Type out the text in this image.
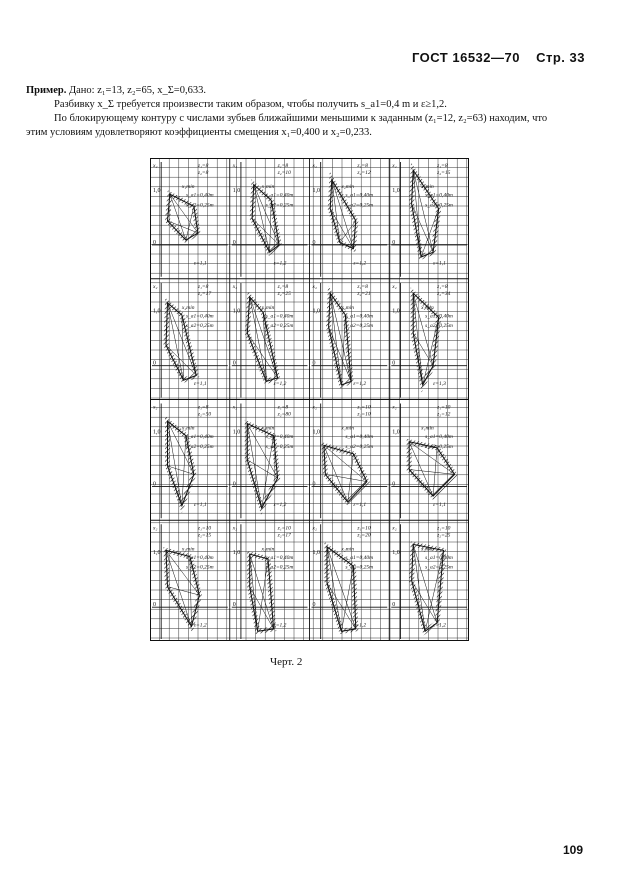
ГОСТ 16532—70 Стр. 33
Пример. Дано: z₁=13, z₂=65, x_Σ=0,633.
Разбивку x_Σ требуется произвести таким образом, чтобы получить s_a1=0,4 m и ε≥1,2.
По блокирующему контуру с числами зубьев ближайшими меньшими к заданным (z₁=12, z₂=63) находим, что
этим условиям удовлетворяют коэффициенты смещения x₁=0,400 и x₂=0,233.
x₂	z₁=8
z₂=8
s_a1=0,40m
s_a2=0,25m
x₁min
ε=1,1
1,0
0
x₂	z₁=8
z₂=10
s_a1=0,40m
s_a2=0,25m
x₁min
ε=1,2
1,0
0
x₂	z₁=8
z₂=12
s_a1=0,40m
s_a2=0,25m
x₂min
ε=1,2
1,0
0
x₂	z₁=8
z₂=15
s_a1=0,40m
s_a2=0,25m
x₂min
ε=1,1
1,0
0
x₂	z₁=8
z₂=17
s_a1=0,40m
s_a2=0,25m
x₂min
ε=1,1
1,0
0
x₂	z₁=8
z₂=25
s_a1=0,40m
s_a2=0,25m
x₂min
ε=1,2
1,0
0
x₂	z₁=8
z₂=21
s_a1=0,40m
s_a2=0,25m
x₂min
ε=1,2
1,0
0
x₂	z₁=8
z₂=34
s_a1=0,40m
s_a2=0,25m
x₂min
ε=1,3
1,0
0
x₂	z₁=8
z₂=50
s_a1=0,40m
s_a2=0,25m
x₂min
ε=1,1
1,0
0
x₂	z₁=8
z₂=80
s_a1=0,40m
s_a2=0,25m
x₂min
ε=1,2
1,0
0
x₂	z₁=10
z₂=10
s_a1=0,40m
s_a2=0,25m
x₁min
ε=1,1
1,0
0
x₂	z₁=10
z₂=12
s_a1=0,40m
s_a2=0,25m
x₁min
ε=1,1
1,0
0
x₂	z₁=10
z₂=15
s_a1=0,40m
s_a2=0,25m
x₂min
ε=1,2
1,0
0
x₂	z₁=10
z₂=17
s_a1=0,40m
s_a2=0,25m
x₂min
ε=1,2
1,0
0
x₂	z₁=10
z₂=20
s_a1=0,40m
s_a2=0,25m
x₂min
ε=1,2
1,0
0
x₂	z₁=10
z₂=25
s_a1=0,40m
s_a2=0,25m
x₂min
ε=1,2
1,0
0
Черт. 2
109
